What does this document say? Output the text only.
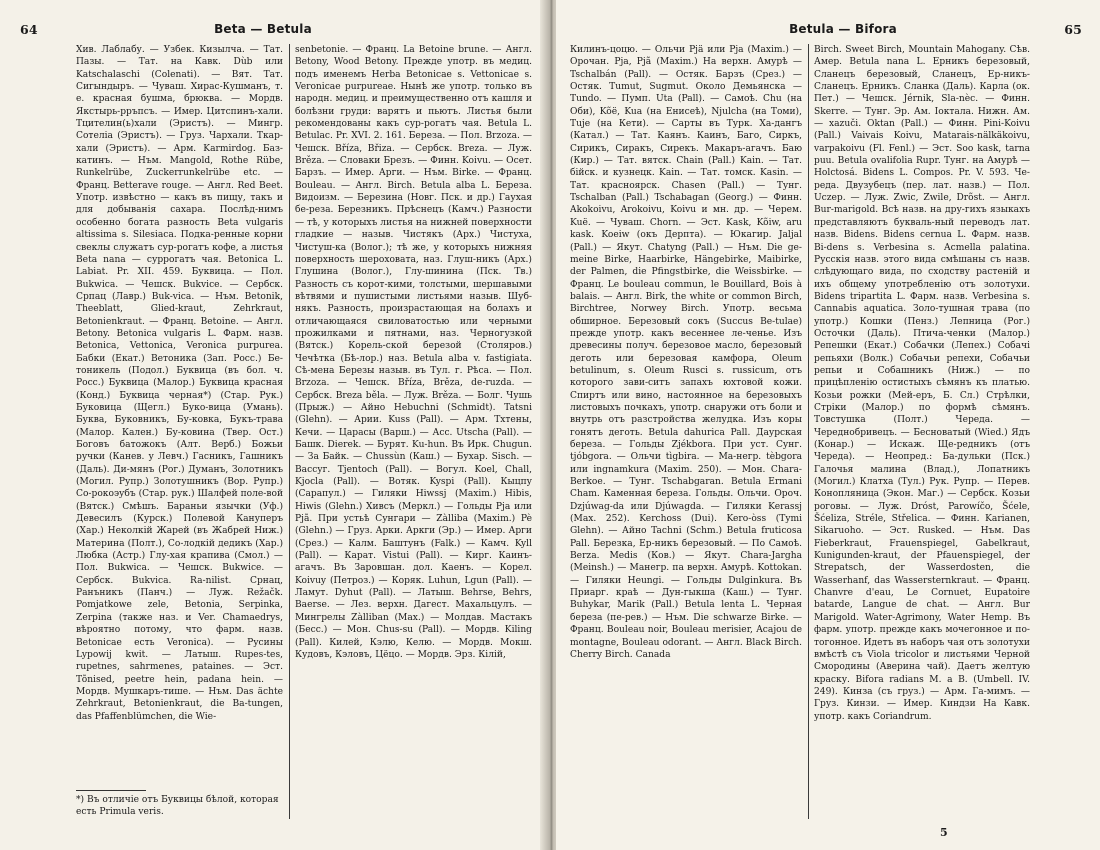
64	Beta — Betula

Хив. Лаблабу. — Узбек. Кизылча. — Тат. Пазы. — Тат. на Кавк. Dùb или Katschalaschi (Colenati). — Вят. Тат. Сигындыръ. — Чуваш. Хирас-Кушманъ, т. е. красная бушма, брюква. — Мордв. Якстырь-рръпсъ. — Имер. Цитспинъ-хали. Тцителин(ь)хали (Эристъ). — Мингр. Сотелia (Эристъ). — Груз. Чархали. Ткар-хали (Эристъ). — Арм. Karmirdog. Баз-катинъ. — Нъм. Mangold, Rothe Rübe, Runkelrübe, Zuckerrunkelrübe etc. — Франц. Betterave rouge. — Англ. Red Beet. Употр. извѣстно — какъ въ пищу, такъ и для добыванія сахара. Послѣд-нимъ особенно богата разность Beta vulgaris altissima s. Silesiaca. Подка-ренные корни свеклы служатъ сур-рогатъ кофе, а листья Beta nana — суррогатъ чая. Betonica L. Labiat. Pr. XII. 459. Буквица. — Пол. Bukwica. — Чешск. Bukvice. — Сербск. Српац (Лавр.) Buk-vica. — Нъм. Betonik, Theeblatt, Glied-kraut, Zehrkraut, Betonienkraut. — Франц. Betoine. — Англ. Betony. Betonica vulgaris L. Фарм. назв. Betonica, Vettonica, Veronica purpurea. Бабки (Екат.) Ветоника (Зап. Росс.) Бе-тоникель (Подол.) Буквица (въ бол. ч. Росс.) Буквица (Малор.) Буквица красная (Конд.) Буквица черная*) (Стар. Рук.) Буковица (Щегл.) Буко-вица (Умань). Буква, Буковникъ, Бу-ковка, Букъ-трава (Малор. Кален.) Бу-ковина (Твер. Ост.) Боговъ батожокъ (Алт. Верб.) Божьи ручки (Канев. у Левч.) Гасникъ, Гашникъ (Даль). Ди-мянъ (Рог.) Думанъ, Золотникъ (Могил. Рупр.) Золотушникъ (Вор. Рупр.) Со-рокоэубъ (Стар. рук.) Шалфей поле-вой (Вятск.) Смѣшъ. Бараньи язычки (Уф.) Девесилъ (Курск.) Полевой Кануперъ (Хар.) Неколкій Жарей (въ Жабрей Ниж.) Материна (Полт.), Со-лодкій дедикъ (Хар.) Любка (Астр.) Глу-хая крапива (Смол.) — Пол. Bukwica. — Чешск. Bukwice. — Сербск. Bukvica. Ra-nilist. Срнац, Ранъникъ (Панч.) — Луж. Režačk. Pomjatkowe zele, Betonia, Serpinka, Zerpina (также наз. и Ver. Chamaedrys, вѣроятно потому, что фарм. назв. Betonicae есть Veronica). — Русины Lypowij kwit. — Латыш. Rupes-tes, rupetnes, sahrmenes, pataines. — Эст. Tõnised, peetre hein, padana hein. — Мордв. Мушкаръ-тише. — Нъм. Das ächte Zehrkraut, Betonienkraut, die Ba-tungen, das Pfaffenblümchen, die Wie-

senbetonie. — Франц. La Betoine brune. — Англ. Betony, Wood Betony. Прежде употр. въ медиц. подъ именемъ Herba Betonicae s. Vettonicae s. Veronicae purpureae. Нынѣ же употр. только въ народн. медиц. и преимущественно отъ кашля и болѣзни груди: варятъ и пьютъ. Листья были рекомендованы какъ сур-рогатъ чая. Betula L. Betulac. Pr. XVI. 2. 161. Береза. — Пол. Brzoza. — Чешск. Bříza, Břiza. — Сербск. Breza. — Луж. Brěza. — Словаки Брезъ. — Финн. Koivu. — Осет. Барзъ. — Имер. Арги. — Нъм. Birke. — Франц. Bouleau. — Англ. Birch. Betula alba L. Береза. Видоизм. — Березина (Новг. Пск. и др.) Гаухая бе-реза. Березникъ. Прѣснецъ (Камч.) Разности — тѣ, у которыхъ листья на нижней поверхности гладкие — назыв. Чистякъ (Арх.) Чистуха, Чистуш-ка (Волог.); тѣ же, у которыхъ нижняя поверхность шероховата, наз. Глуш-никъ (Арх.) Глушина (Волог.), Глу-шинина (Пск. Тв.) Разность съ корот-кими, толстыми, шершавыми вѣтвями и пушистыми листьями назыв. Шуб-някъ. Разность, произрастающая на болахъ и отличающаяся свиловатостью или черными прожилками и пятнами, наз. Черногузкой (Вятск.) Корель-ской березой (Столяров.) Чечѣтка (Бѣ-лор.) наз. Betula alba v. fastigiata. Сѣ-мена Березы назыв. въ Тул. г. Рѣса. — Пол. Brzoza. — Чешск. Bříza, Brěza, de-ruzda. — Сербск. Breza běla. — Луж. Brěza. — Болг. Чушь (Прыж.) — Айно Hebuchni (Schmidt). Tatsni (Glehn). — Арии. Kuss (Pall). — Арм. Тхтены, Кечи. — Царасы (Варш.) — Асс. Utscha (Pall). — Башк. Dierek. — Бурят. Ku-hun. Въ Ирк. Chugun. — За Байк. — Chussùn (Каш.) — Бухар. Sisch. — Вассуг. Tjentoch (Pall). — Вогул. Koel, Chall, Kjocla (Pall). — Вотяк. Kyspi (Pall). Кыцпу (Сарапул.) — Гиляки Hiwssj (Maxim.) Hibis, Hiwis (Glehn.) Хивсъ (Меркл.) — Гольды Pja или Pjã. При устьѣ Сунгари — Zàlliba (Maxim.) Pè (Glehn.) — Груз. Арки. Аркги (Эр.) — Имер. Арги (Срез.) — Калм. Баштунъ (Falk.) — Камч. Kyll (Pall). — Карат. Vistui (Pall). — Кирг. Каинъ-агачъ. Въ Заровшан. дол. Каенъ. — Корел. Koivuy (Петроз.) — Коряк. Luhun, Lgun (Pall). — Ламут. Dyhut (Pall). — Латыш. Behrse, Behrs, Baerse. — Лез. верхн. Дагест. Махальцулъ. — Мингрелы Zàlliban (Max.) — Молдав. Мастакъ (Бесс.) — Мон. Chus-su (Pall). — Мордв. Kiling (Pall). Килей, Кэлю, Келю. — Мордв. Мокш. Кудовъ, Кэловъ, Цёцо. — Мордв. Эрз. Кілій,

*) Въ отличіе отъ Буквицы бѣлой, которая есть Primula veris.
Betula — Bifora	65

Килинъ-цоцю. — Ольчи Pjä или Pja (Maxim.) — Орочан. Pja, Pjã (Maxim.) На верхн. Амурѣ — Tschalbán (Pall). — Остяк. Барзъ (Срез.) — Остяк. Tumut, Sugmut. Около Демьянска — Tundo. — Пумп. Uta (Pall). — Самоѣ. Chu (на Оби), Kõë, Kua (на Енисеѣ), Njulcha (на Томи), Tuje (на Кети). — Сарты въ Турк. Ха-дангъ (Катал.) — Тат. Каянъ. Каинъ, Баго, Сиркъ, Сирикъ, Сиракъ, Сирекъ. Макаръ-агачъ. Баю (Кир.) — Тат. вятск. Chain (Pall.) Kain. — Тат. бійск. и кузнецк. Kain. — Тат. томск. Kasin. — Тат. красноярск. Chasen (Pall.) — Тунг. Tschalban (Pall.) Tschabagan (Georg.) — Финн. Akokoivu, Arokoivu, Koivu и мн. др. — Черем. Kuë. — Чуваш. Chorn. — Эст. Kask, Kõiw, aru kask. Koeiw (окъ Дерпта). — Юкагир. Jaljal (Pall.) — Якут. Chatyng (Pall.) — Нъм. Die ge-meine Birke, Haarbirke, Hängebirke, Maibirke, der Palmen, die Pfingstbirke, die Weissbirke. — Франц. Le bouleau commun, le Bouillard, Bois à balais. — Англ. Birk, the white or common Birch, Birchtree, Norwey Birch. Употр. весьма обширное. Березовый сокъ (Succus Be-tulae) прежде употр. какъ весеннее ле-ченье. Изъ древесины получ. березовое масло, березовый деготь или березовая камфора, Oleum betulinum, s. Oleum Rusci s. russicum, отъ которого зави-ситъ запахъ юхтовой кожи. Спиртъ или вино, настоянное на березовыхъ листовыхъ почкахъ, употр. снаружи отъ боли и внутрь отъ разстройства желудка. Изъ коры гонятъ деготь. Betula dahurica Pall. Даурская береза. — Гольды Zjékbora. При уст. Сунг. tjóbgora. — Ольчи tìgbira. — Ма-негр. tèbgora или ingnamkura (Maxim. 250). — Мон. Chara-Berkoe. — Тунг. Tschabgaran. Betula Ermani Cham. Каменная береза. Гольды. Ольчи. Ороч. Dzjúwag-da или Djúwagda. — Гиляки Kerassj (Max. 252). Kerchoss (Dui). Kero-òss (Tymi Glehn). — Айно Tachni (Schm.) Betula fruticosa Pall. Березка, Ер-никъ березовый. — По Самоѣ. Berza. Medis (Ков.) — Якут. Chara-Jargha (Meinsh.) — Манегр. па верхн. Амурѣ. Kottokan. — Гиляки Heungi. — Гольды Dulginkura. Въ Приарг. краѣ — Дун-гыкша (Каш.) — Тунг. Buhykar, Marik (Pall.) Betula lenta L. Черная береза (пе-рев.) — Нъм. Die schwarze Birke. — Франц. Bouleau noir, Bouleau merisier, Acajou de montagne, Bouleau odorant. — Англ. Black Birch. Cherry Birch. Canada

Birch. Sweet Birch, Mountain Mahogany. Сѣв. Амер. Betula nana L. Ерникъ березовый, Сланецъ березовый, Сланецъ, Ер-никъ-Сланецъ. Ерникъ. Сланка (Даль). Карла (ок. Пет.) — Чешск. Jérnik, Sla-nèc. — Финн. Skerre. — Тунг. Эр. Ам. Іоктала. Нижн. Ам. — xazuči. Oktan (Pall.) — Финн. Pini-Koivu (Pall.) Vaivais Koivu, Matarais-nälkäkoivu, varpakoivu (Fl. Fenl.) — Эст. Soo kask, tarna puu. Betula ovalifolia Rupr. Тунг. на Амурѣ — Holctosá. Bidens L. Compos. Pr. V. 593. Че-реда. Двузубецъ (пер. лат. назв.) — Пол. Uczep. — Луж. Zwic, Zwile, Drõst. — Англ. Bur-marigold. Всѣ назв. на дру-гихъ языкахъ представляютъ букваль-ный переводъ лат. назв. Bidens. Bidens cernua L. Фарм. назв. Bi-dens s. Verbesina s. Acmella palatina. Русскія назв. этого вида смѣшаны съ назв. слѣдующаго вида, по сходству растеній и ихъ общему употребленію отъ золотухи. Bidens tripartita L. Фарм. назв. Verbesina s. Cannabis aquatica. Золо-тушная трава (по употр.) Кошки (Пенз.) Лепница (Рог.) Осточки (Даль). Птича-ченки (Малор.) Репешки (Екат.) Собачки (Лепех.) Собачі репьяхи (Волк.) Собачьи репехи, Собачьи репьи и Собашникъ (Ниж.) — по прицѣпленію остистыхъ сѣмянъ къ платью. Козьи рожки (Мей-еръ, Б. Сл.) Стрѣлки, Стріки (Малор.) по формѣ сѣмянъ. Товстушка (Полт.) Череда. — Череднобривецъ. — Бесноватый (Wied.) Ядъ (Конар.) — Искаж. Ще-редникъ (отъ Череда). — Неопред.: Ба-дульки (Пск.) Галочья малина (Влад.), Лопатникъ (Могил.) Клатха (Тул.) Рук. Рупр. — Перев. Конопляница (Экон. Маг.) — Сербск. Козьи роговы. — Луж. Dróst, Parowíčo, Šćele, Šćeliza, Stréle, Střelica. — Финн. Karianen, Sikaruoho. — Эст. Rusked. — Нъм. Das Fieberkraut, Frauenspiegel, Gabelkraut, Kunigunden-kraut, der Pfauenspiegel, der Strepatsch, der Wasserdosten, die Wasserhanf, das Wassersternkraut. — Франц. Chanvre d'eau, Le Cornuet, Eupatoire batarde, Langue de chat. — Англ. Bur Marigold. Water-Agrimony, Water Hemp. Въ фарм. употр. прежде какъ мочегонное и по-тогонное. Идетъ въ наборъ чая отъ золотухи вмѣстѣ съ Viola tricolor и листьями Черной Смородины (Аверина чай). Даетъ желтую краску. Bifora radians M. a B. (Umbell. IV. 249). Кинза (съ груз.) — Арм. Га-мимъ. — Груз. Кинзи. — Имер. Киндзи На Кавк. употр. какъ Coriandrum.

5
